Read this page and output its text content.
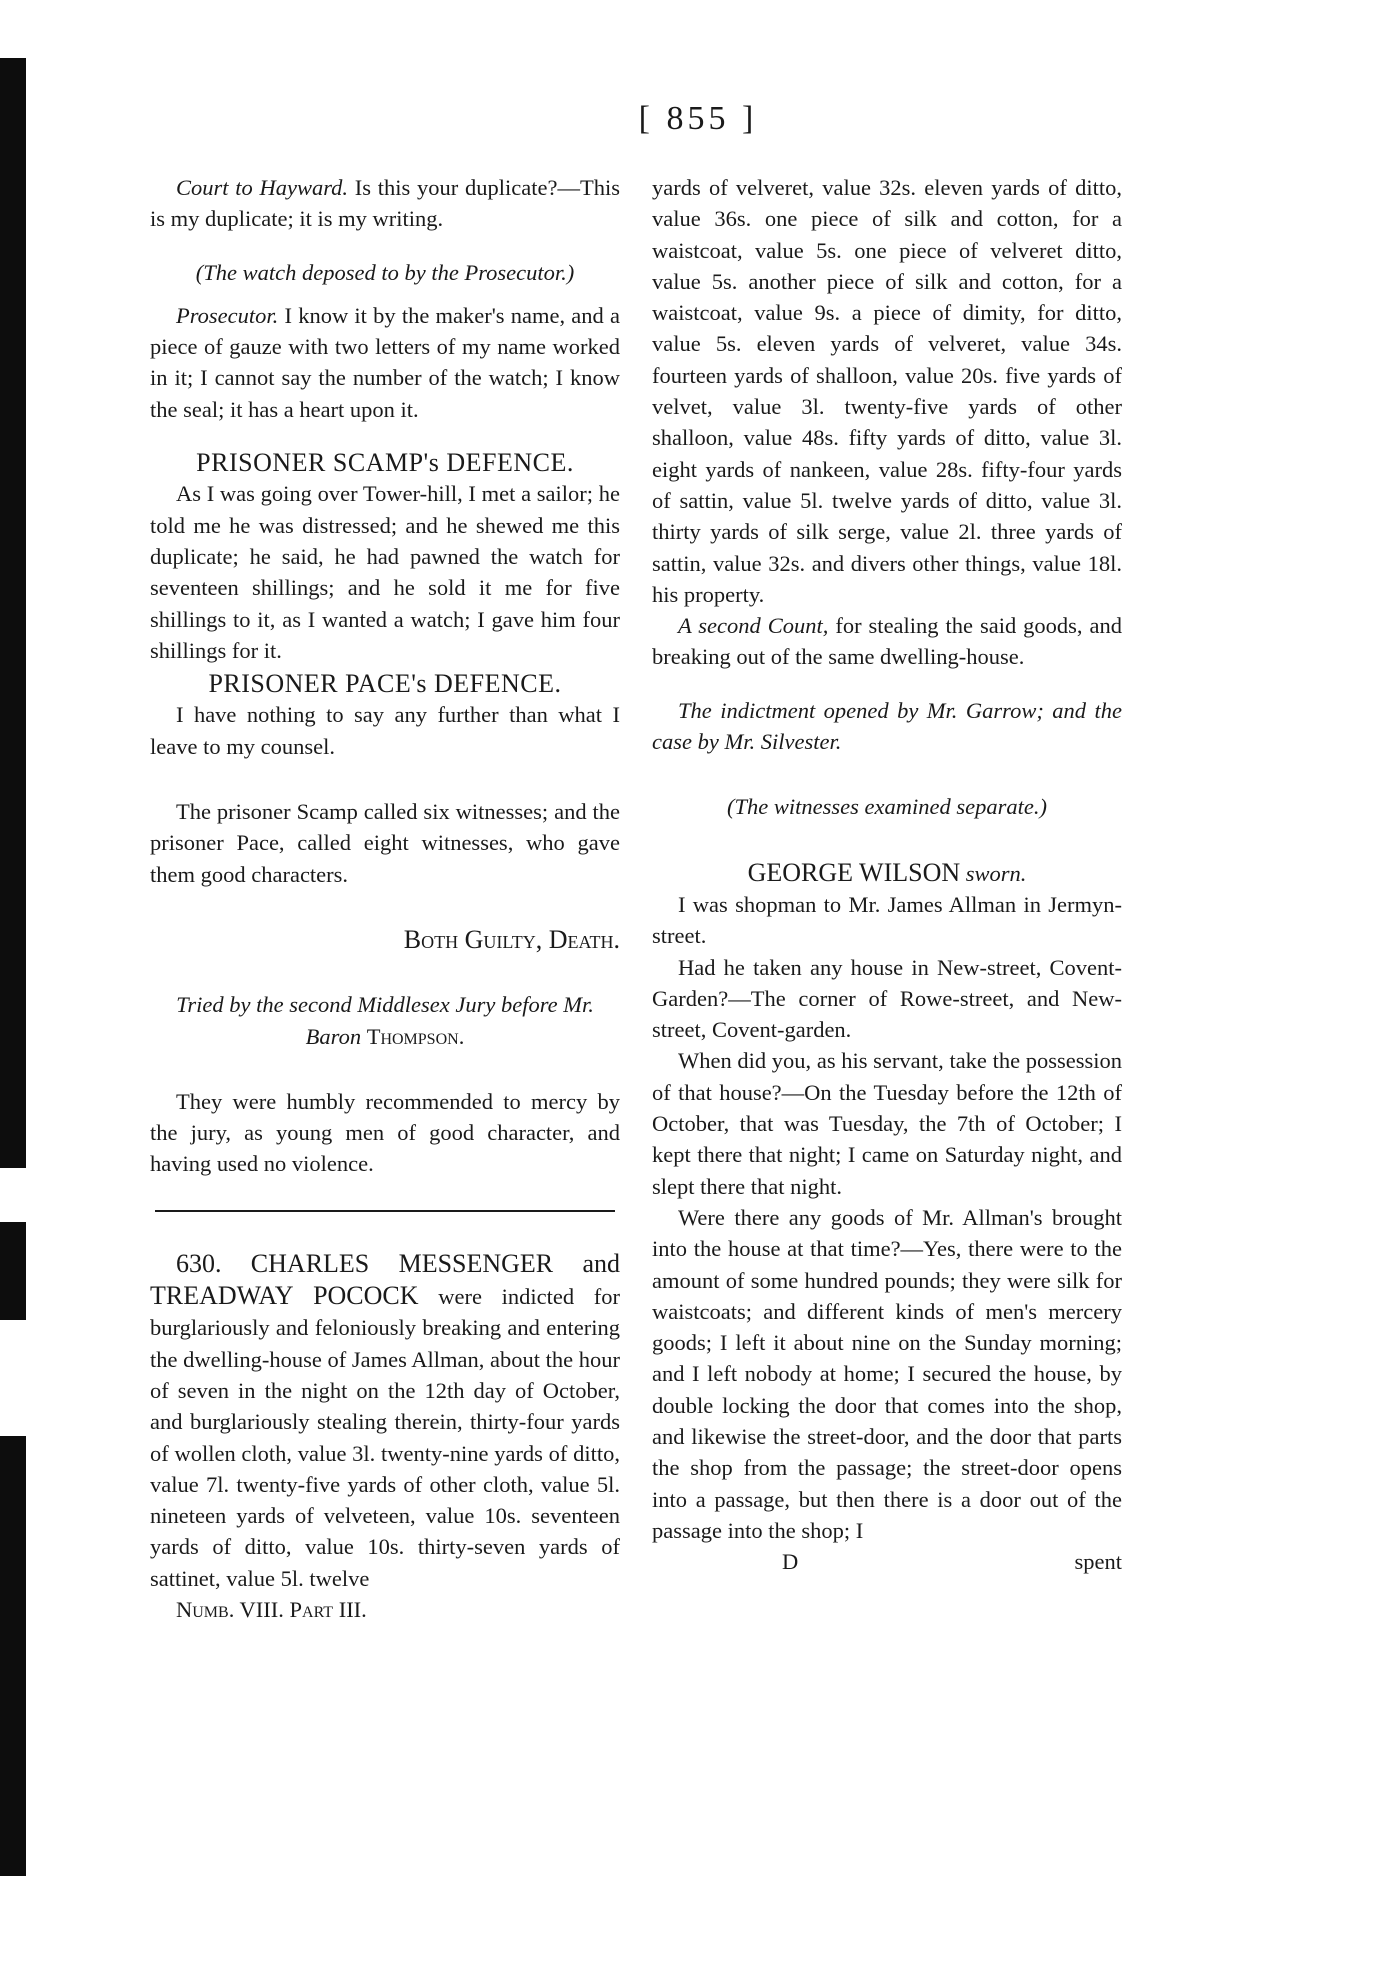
[ 855 ]

Court to Hayward. Is this your duplicate?—This is my duplicate; it is my writing.

(The watch deposed to by the Prosecutor.)

Prosecutor. I know it by the maker's name, and a piece of gauze with two letters of my name worked in it; I cannot say the number of the watch; I know the seal; it has a heart upon it.

PRISONER SCAMP's DEFENCE.

As I was going over Tower-hill, I met a sailor; he told me he was distressed; and he shewed me this duplicate; he said, he had pawned the watch for seventeen shillings; and he sold it me for five shillings to it, as I wanted a watch; I gave him four shillings for it.

PRISONER PACE's DEFENCE.

I have nothing to say any further than what I leave to my counsel.

The prisoner Scamp called six witnesses; and the prisoner Pace, called eight witnesses, who gave them good characters.

Both Guilty, Death.

Tried by the second Middlesex Jury before Mr. Baron Thompson.

They were humbly recommended to mercy by the jury, as young men of good character, and having used no violence.

630. CHARLES MESSENGER and TREADWAY POCOCK were indicted for burglariously and feloniously breaking and entering the dwelling-house of James Allman, about the hour of seven in the night on the 12th day of October, and burglariously stealing therein, thirty-four yards of wollen cloth, value 3l. twenty-nine yards of ditto, value 7l. twenty-five yards of other cloth, value 5l. nineteen yards of velveteen, value 10s. seventeen yards of ditto, value 10s. thirty-seven yards of sattinet, value 5l. twelve

Numb. VIII. Part III.

yards of velveret, value 32s. eleven yards of ditto, value 36s. one piece of silk and cotton, for a waistcoat, value 5s. one piece of velveret ditto, value 5s. another piece of silk and cotton, for a waistcoat, value 9s. a piece of dimity, for ditto, value 5s. eleven yards of velveret, value 34s. fourteen yards of shalloon, value 20s. five yards of velvet, value 3l. twenty-five yards of other shalloon, value 48s. fifty yards of ditto, value 3l. eight yards of nankeen, value 28s. fifty-four yards of sattin, value 5l. twelve yards of ditto, value 3l. thirty yards of silk serge, value 2l. three yards of sattin, value 32s. and divers other things, value 18l. his property.

A second Count, for stealing the said goods, and breaking out of the same dwelling-house.

The indictment opened by Mr. Garrow; and the case by Mr. Silvester.

(The witnesses examined separate.)

GEORGE WILSON sworn.

I was shopman to Mr. James Allman in Jermyn-street.

Had he taken any house in New-street, Covent-Garden?—The corner of Rowe-street, and New-street, Covent-garden.

When did you, as his servant, take the possession of that house?—On the Tuesday before the 12th of October, that was Tuesday, the 7th of October; I kept there that night; I came on Saturday night, and slept there that night.

Were there any goods of Mr. Allman's brought into the house at that time?—Yes, there were to the amount of some hundred pounds; they were silk for waistcoats; and different kinds of men's mercery goods; I left it about nine on the Sunday morning; and I left nobody at home; I secured the house, by double locking the door that comes into the shop, and likewise the street-door, and the door that parts the shop from the passage; the street-door opens into a passage, but then there is a door out of the passage into the shop; I

D	spent
